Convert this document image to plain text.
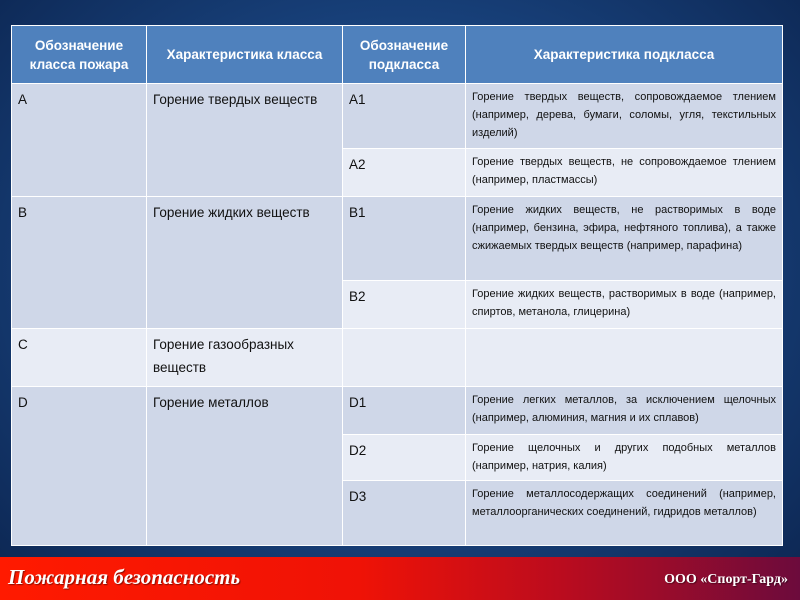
Обозначение класса пожара	Характеристика класса	Обозначение подкласса	Характеристика подкласса
A	Горение твердых веществ	A1	Горение твердых веществ, сопровождаемое тлением (например, дерева, бумаги, соломы, угля, текстильных изделий)
		A2	Горение твердых веществ, не сопровождаемое тлением (например, пластмассы)
B	Горение жидких веществ	B1	Горение жидких веществ, не растворимых в воде (например, бензина, эфира, нефтяного топлива), а также сжижаемых твердых веществ (например, парафина)
		B2	Горение жидких веществ, растворимых в воде (например, спиртов, метанола, глицерина)
C	Горение газообразных веществ		
D	Горение металлов	D1	Горение легких металлов, за исключением щелочных (например, алюминия, магния и их сплавов)
		D2	Горение щелочных и других подобных металлов (например, натрия, калия)
		D3	Горение металлосодержащих соединений (например, металлоорганических соединений, гидридов металлов)
Пожарная безопасность	ООО «Спорт-Гард»
